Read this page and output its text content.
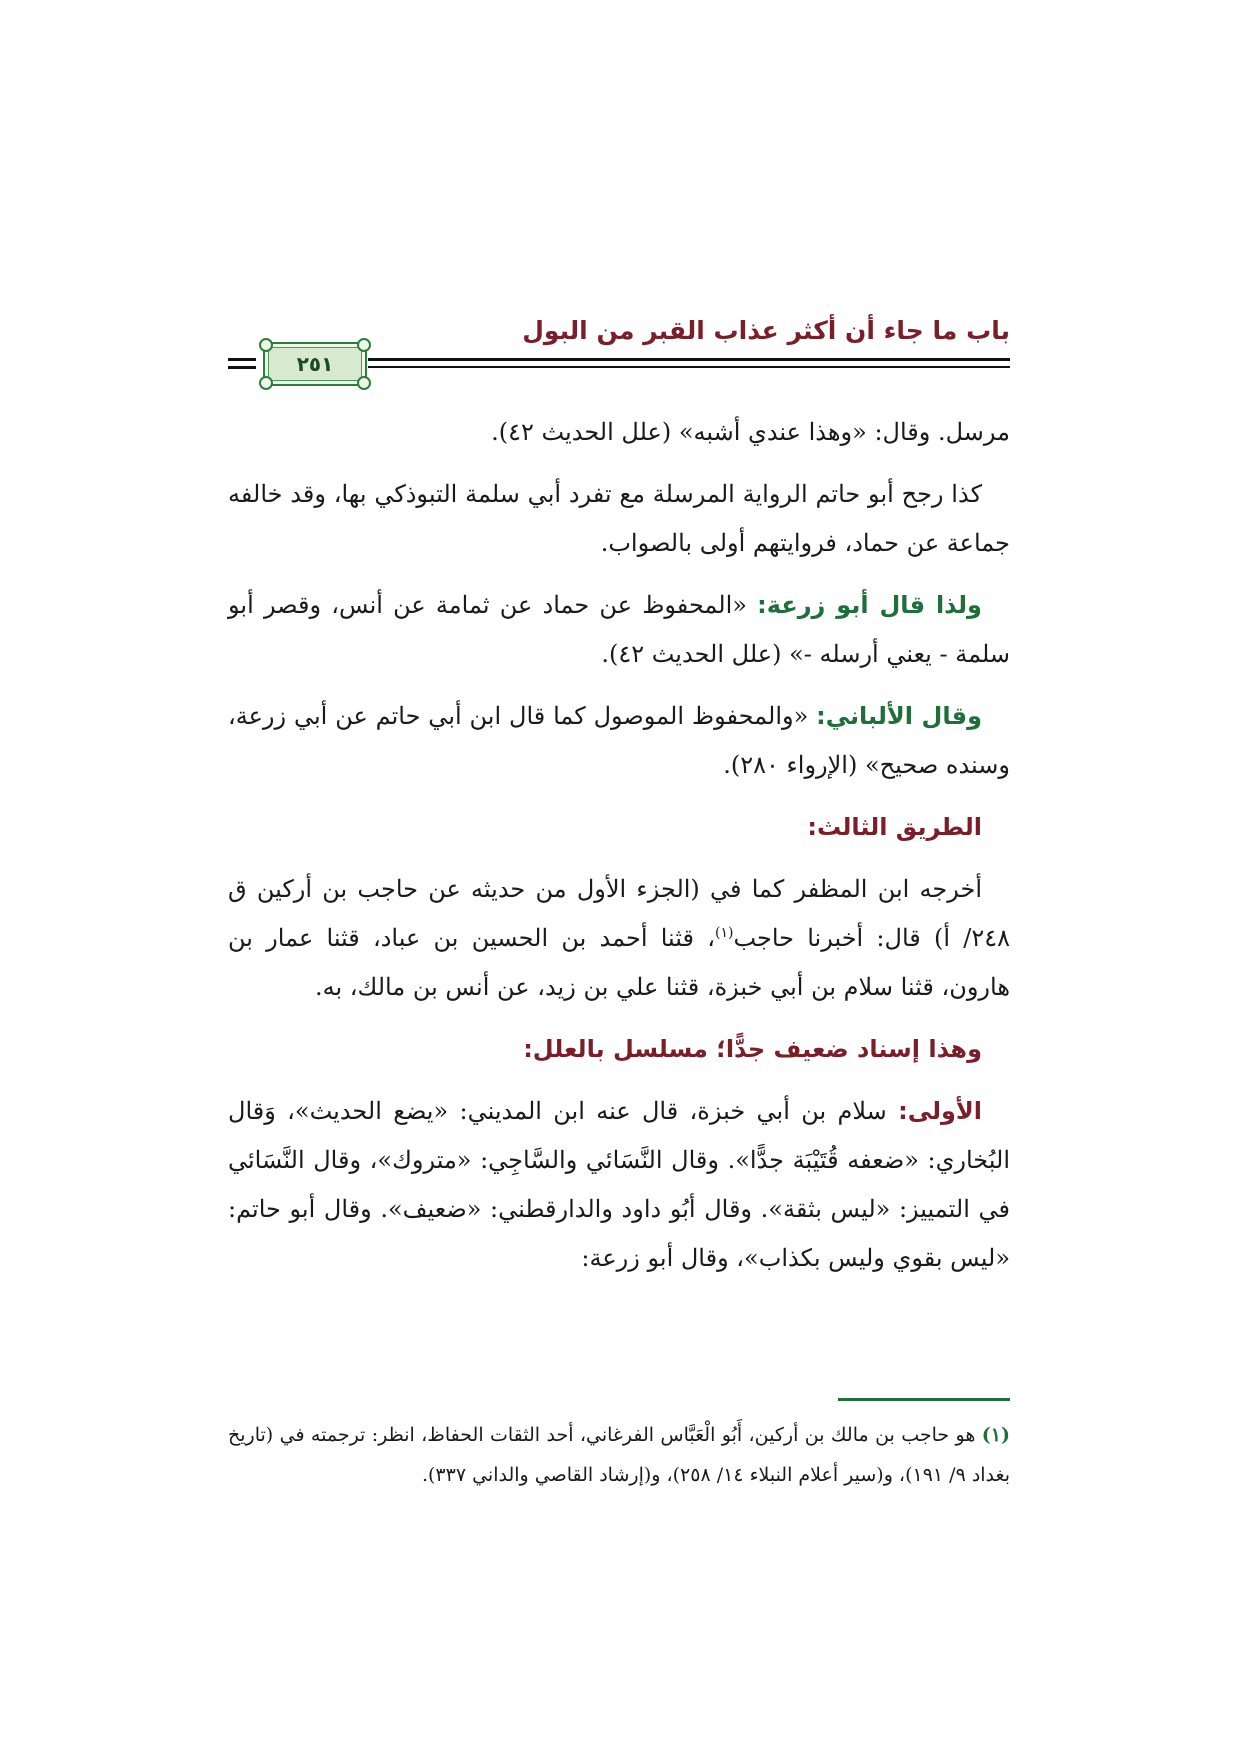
باب ما جاء أن أكثر عذاب القبر من البول
٢٥١

مرسل. وقال: «وهذا عندي أشبه» (علل الحديث ٤٢).

كذا رجح أبو حاتم الرواية المرسلة مع تفرد أبي سلمة التبوذكي بها، وقد خالفه جماعة عن حماد، فروايتهم أولى بالصواب.

ولذا قال أبو زرعة: «المحفوظ عن حماد عن ثمامة عن أنس، وقصر أبو سلمة - يعني أرسله -» (علل الحديث ٤٢).

وقال الألباني: «والمحفوظ الموصول كما قال ابن أبي حاتم عن أبي زرعة، وسنده صحيح» (الإرواء ٢٨٠).

الطريق الثالث:

أخرجه ابن المظفر كما في (الجزء الأول من حديثه عن حاجب بن أركين ق ٢٤٨/ أ) قال: أخبرنا حاجب$^{(١)}$، قثنا أحمد بن الحسين بن عباد، قثنا عمار بن هارون، قثنا سلام بن أبي خبزة، قثنا علي بن زيد، عن أنس بن مالك، به.

وهذا إسناد ضعيف جدًّا؛ مسلسل بالعلل:

الأولى: سلام بن أبي خبزة، قال عنه ابن المديني: «يضع الحديث»، وَقال البُخاري: «ضعفه قُتَيْبَة جدًّا». وقال النَّسَائي والسَّاجِي: «متروك»، وقال النَّسَائي في التمييز: «ليس بثقة». وقال أبُو داود والدارقطني: «ضعيف». وقال أبو حاتم: «ليس بقوي وليس بكذاب»، وقال أبو زرعة:

(١) هو حاجب بن مالك بن أركين، أَبُو الْعَبَّاس الفرغاني، أحد الثقات الحفاظ، انظر: ترجمته في (تاريخ بغداد ٩/ ١٩١)، و(سير أعلام النبلاء ١٤/ ٢٥٨)، و(إرشاد القاصي والداني ٣٣٧).
